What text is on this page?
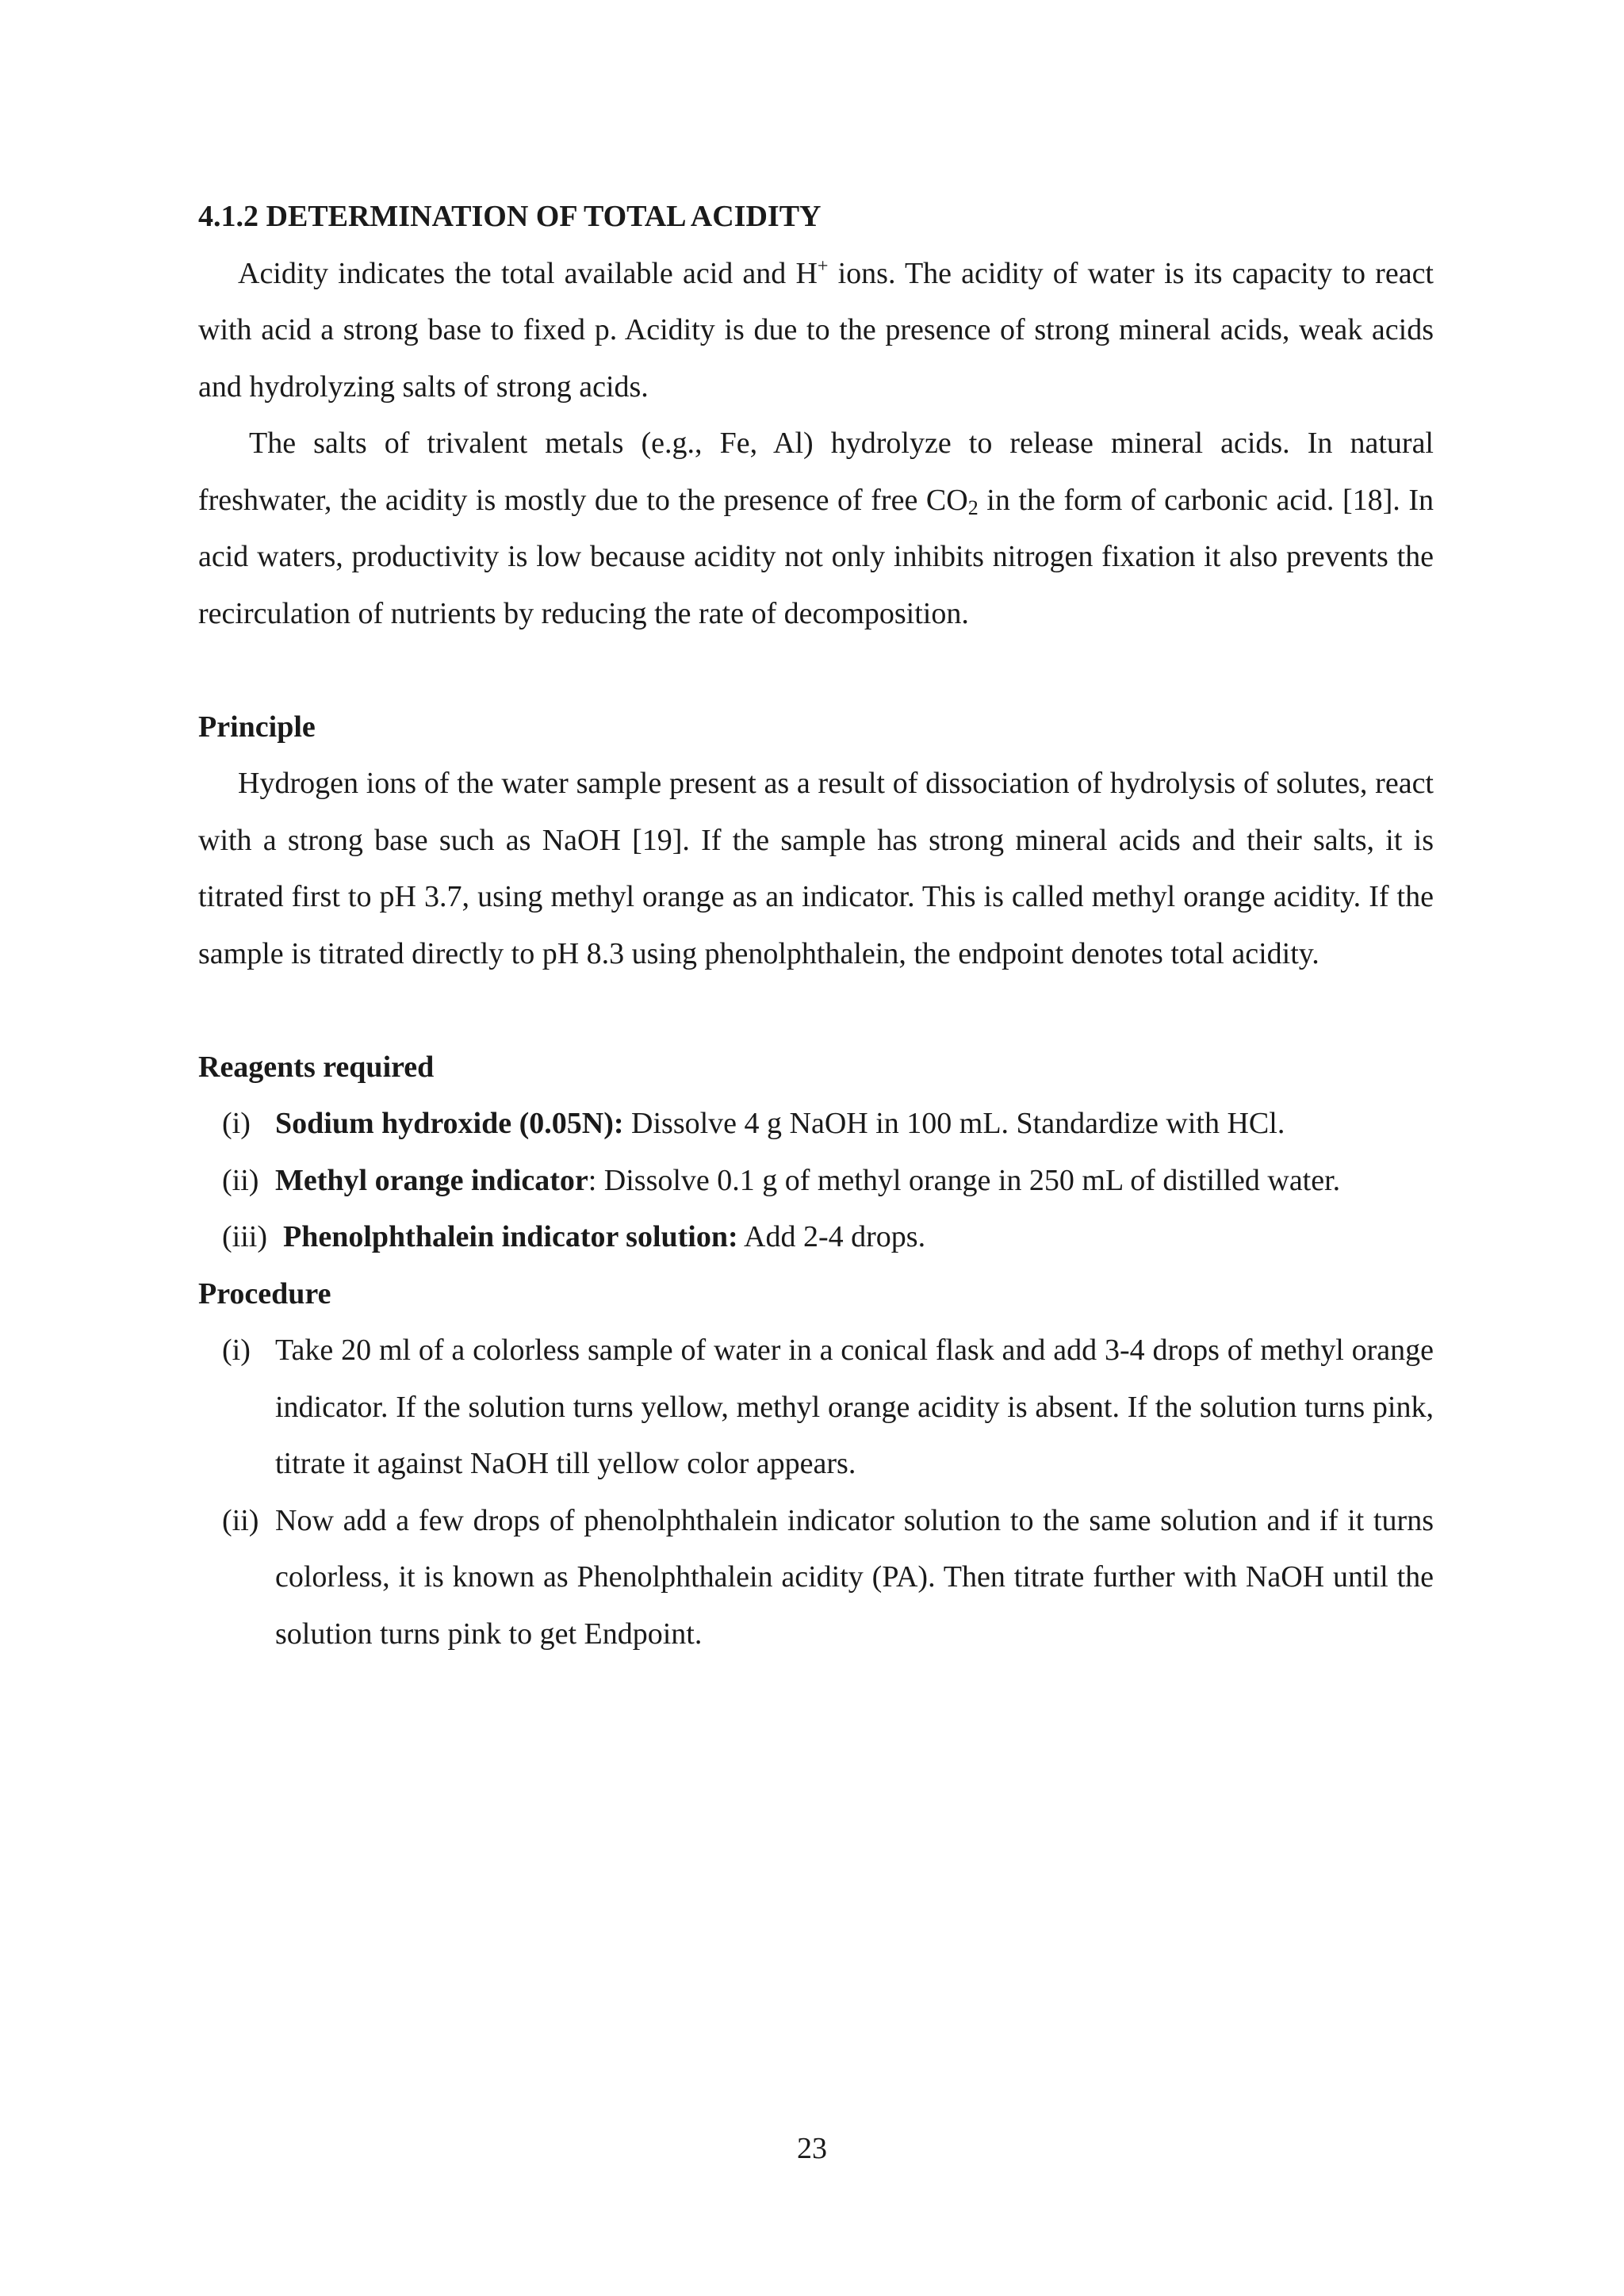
4.1.2 DETERMINATION OF TOTAL ACIDITY

Acidity indicates the total available acid and H+ ions. The acidity of water is its capacity to react with acid a strong base to fixed p. Acidity is due to the presence of strong mineral acids, weak acids and hydrolyzing salts of strong acids.

The salts of trivalent metals (e.g., Fe, Al) hydrolyze to release mineral acids. In natural freshwater, the acidity is mostly due to the presence of free $CO_2$ in the form of carbonic acid. [18]. In acid waters, productivity is low because acidity not only inhibits nitrogen fixation it also prevents the recirculation of nutrients by reducing the rate of decomposition.

Principle

Hydrogen ions of the water sample present as a result of dissociation of hydrolysis of solutes, react with a strong base such as NaOH [19]. If the sample has strong mineral acids and their salts, it is titrated first to pH 3.7, using methyl orange as an indicator. This is called methyl orange acidity. If the sample is titrated directly to pH 8.3 using phenolphthalein, the endpoint denotes total acidity.

Reagents required

(i) Sodium hydroxide (0.05N): Dissolve 4 g NaOH in 100 mL. Standardize with HCl.
(ii) Methyl orange indicator: Dissolve 0.1 g of methyl orange in 250 mL of distilled water.
(iii) Phenolphthalein indicator solution: Add 2-4 drops.

Procedure

(i) Take 20 ml of a colorless sample of water in a conical flask and add 3-4 drops of methyl orange indicator. If the solution turns yellow, methyl orange acidity is absent. If the solution turns pink, titrate it against NaOH till yellow color appears.
(ii) Now add a few drops of phenolphthalein indicator solution to the same solution and if it turns colorless, it is known as Phenolphthalein acidity (PA). Then titrate further with NaOH until the solution turns pink to get Endpoint.
23
